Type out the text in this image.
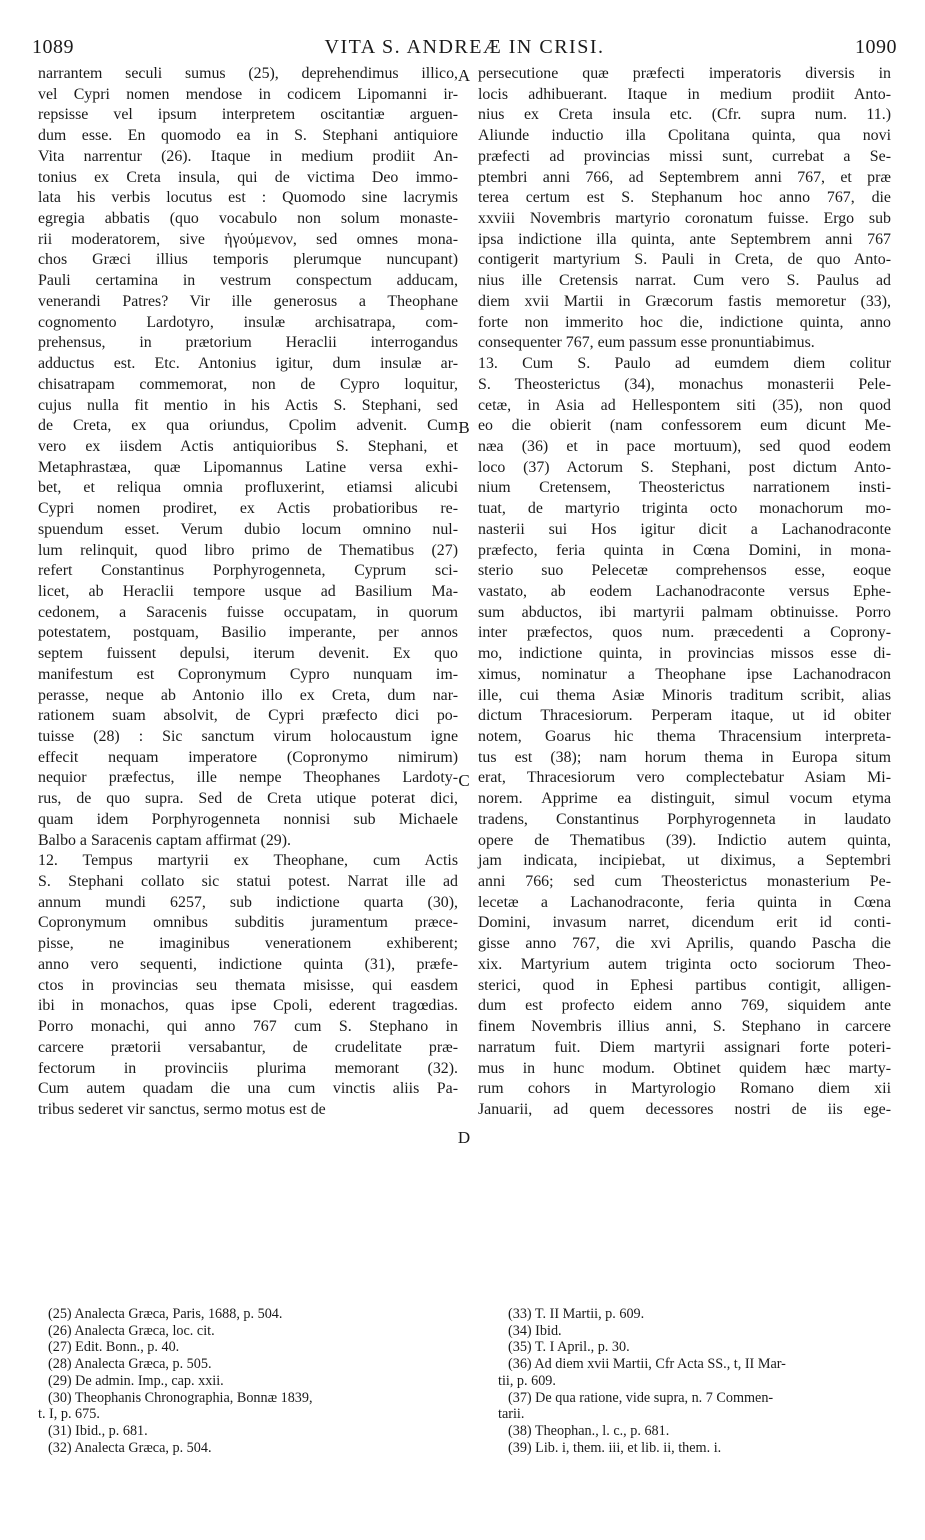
1089	VITA S. ANDREÆ IN CRISI.	1090
narrantem seculi sumus (25), deprehendimus illico,
vel Cypri nomen mendose in codicem Lipomanni ir-
repsisse vel ipsum interpretem oscitantiæ arguen-
dum esse. En quomodo ea in S. Stephani antiquiore
Vita narrentur (26). Itaque in medium prodiit An-
tonius ex Creta insula, qui de victima Deo immo-
lata his verbis locutus est : Quomodo sine lacrymis
egregia abbatis (quo vocabulo non solum monaste-
rii moderatorem, sive ἡγούμενον, sed omnes mona-
chos Græci illius temporis plerumque nuncupant)
Pauli certamina in vestrum conspectum adducam,
venerandi Patres? Vir ille generosus a Theophane
cognomento Lardotyro, insulæ archisatrapa, com-
prehensus, in prætorium Heraclii interrogandus
adductus est. Etc. Antonius igitur, dum insulæ ar-
chisatrapam commemorat, non de Cypro loquitur,
cujus nulla fit mentio in his Actis S. Stephani, sed
de Creta, ex qua oriundus, Cpolim advenit. Cum
vero ex iisdem Actis antiquioribus S. Stephani, et
Metaphrastæa, quæ Lipomannus Latine versa exhi-
bet, et reliqua omnia profluxerint, etiamsi alicubi
Cypri nomen prodiret, ex Actis probatioribus re-
spuendum esset. Verum dubio locum omnino nul-
lum relinquit, quod libro primo de Thematibus (27)
refert Constantinus Porphyrogenneta, Cyprum sci-
licet, ab Heraclii tempore usque ad Basilium Ma-
cedonem, a Saracenis fuisse occupatam, in quorum
potestatem, postquam, Basilio imperante, per annos
septem fuissent depulsi, iterum devenit. Ex quo
manifestum est Copronymum Cypro nunquam im-
perasse, neque ab Antonio illo ex Creta, dum nar-
rationem suam absolvit, de Cypri præfecto dici po-
tuisse (28) : Sic sanctum virum holocaustum igne
effecit nequam imperatore (Copronymo nimirum)
nequior præfectus, ille nempe Theophanes Lardoty-
rus, de quo supra. Sed de Creta utique poterat dici,
quam idem Porphyrogenneta nonnisi sub Michaele
Balbo a Saracenis captam affirmat (29).
12. Tempus martyrii ex Theophane, cum Actis
S. Stephani collato sic statui potest. Narrat ille ad
annum mundi 6257, sub indictione quarta (30),
Copronymum omnibus subditis juramentum præce-
pisse, ne imaginibus venerationem exhiberent;
anno vero sequenti, indictione quinta (31), præfe-
ctos in provincias seu themata misisse, qui easdem
ibi in monachos, quas ipse Cpoli, ederent tragœdias.
Porro monachi, qui anno 767 cum S. Stephano in
carcere prætorii versabantur, de crudelitate præ-
fectorum in provinciis plurima memorant (32).
Cum autem quadam die una cum vinctis aliis Pa-
tribus sederet vir sanctus, sermo motus est de
persecutione quæ præfecti imperatoris diversis in
locis adhibuerant. Itaque in medium prodiit Anto-
nius ex Creta insula etc. (Cfr. supra num. 11.)
Aliunde inductio illa Cpolitana quinta, qua novi
præfecti ad provincias missi sunt, currebat a Se-
ptembri anni 766, ad Septembrem anni 767, et præ
terea certum est S. Stephanum hoc anno 767, die
xxviii Novembris martyrio coronatum fuisse. Ergo sub
ipsa indictione illa quinta, ante Septembrem anni 767
contigerit martyrium S. Pauli in Creta, de quo Anto-
nius ille Cretensis narrat. Cum vero S. Paulus ad
diem xvii Martii in Græcorum fastis memoretur (33),
forte non immerito hoc die, indictione quinta, anno
consequenter 767, eum passum esse pronuntiabimus.
13. Cum S. Paulo ad eumdem diem colitur
S. Theosterictus (34), monachus monasterii Pele-
cetæ, in Asia ad Hellespontem siti (35), non quod
eo die obierit (nam confessorem eum dicunt Me-
næa (36) et in pace mortuum), sed quod eodem
loco (37) Actorum S. Stephani, post dictum Anto-
nium Cretensem, Theosterictus narrationem insti-
tuat, de martyrio triginta octo monachorum mo-
nasterii sui Hos igitur dicit a Lachanodraconte
præfecto, feria quinta in Cœna Domini, in mona-
sterio suo Pelecetæ comprehensos esse, eoque
vastato, ab eodem Lachanodraconte versus Ephe-
sum abductos, ibi martyrii palmam obtinuisse. Porro
inter præfectos, quos num. præcedenti a Coprony-
mo, indictione quinta, in provincias missos esse di-
ximus, nominatur a Theophane ipse Lachanodracon
ille, cui thema Asiæ Minoris traditum scribit, alias
dictum Thracesiorum. Perperam itaque, ut id obiter
notem, Goarus hic thema Thracensium interpreta-
tus est (38); nam horum thema in Europa situm
erat, Thracesiorum vero complectebatur Asiam Mi-
norem. Apprime ea distinguit, simul vocum etyma
tradens, Constantinus Porphyrogenneta in laudato
opere de Thematibus (39). Indictio autem quinta,
jam indicata, incipiebat, ut diximus, a Septembri
anni 766; sed cum Theosterictus monasterium Pe-
lecetæ a Lachanodraconte, feria quinta in Cœna
Domini, invasum narret, dicendum erit id conti-
gisse anno 767, die xvi Aprilis, quando Pascha die
xix. Martyrium autem triginta octo sociorum Theo-
sterici, quod in Ephesi partibus contigit, alligen-
dum est profecto eidem anno 769, siquidem ante
finem Novembris illius anni, S. Stephano in carcere
narratum fuit. Diem martyrii assignari forte poteri-
mus in hunc modum. Obtinet quidem hæc marty-
rum cohors in Martyrologio Romano diem xii
Januarii, ad quem decessores nostri de iis ege-
A
B
C
D
(25) Analecta Græca, Paris, 1688, p. 504.
(26) Analecta Græca, loc. cit.
(27) Edit. Bonn., p. 40.
(28) Analecta Græca, p. 505.
(29) De admin. Imp., cap. xxii.
(30) Theophanis Chronographia, Bonnæ 1839,
t. I, p. 675.
(31) Ibid., p. 681.
(32) Analecta Græca, p. 504.
(33) T. II Martii, p. 609.
(34) Ibid.
(35) T. I April., p. 30.
(36) Ad diem xvii Martii, Cfr Acta SS., t, II Mar-
tii, p. 609.
(37) De qua ratione, vide supra, n. 7 Commen-
tarii.
(38) Theophan., l. c., p. 681.
(39) Lib. i, them. iii, et lib. ii, them. i.
